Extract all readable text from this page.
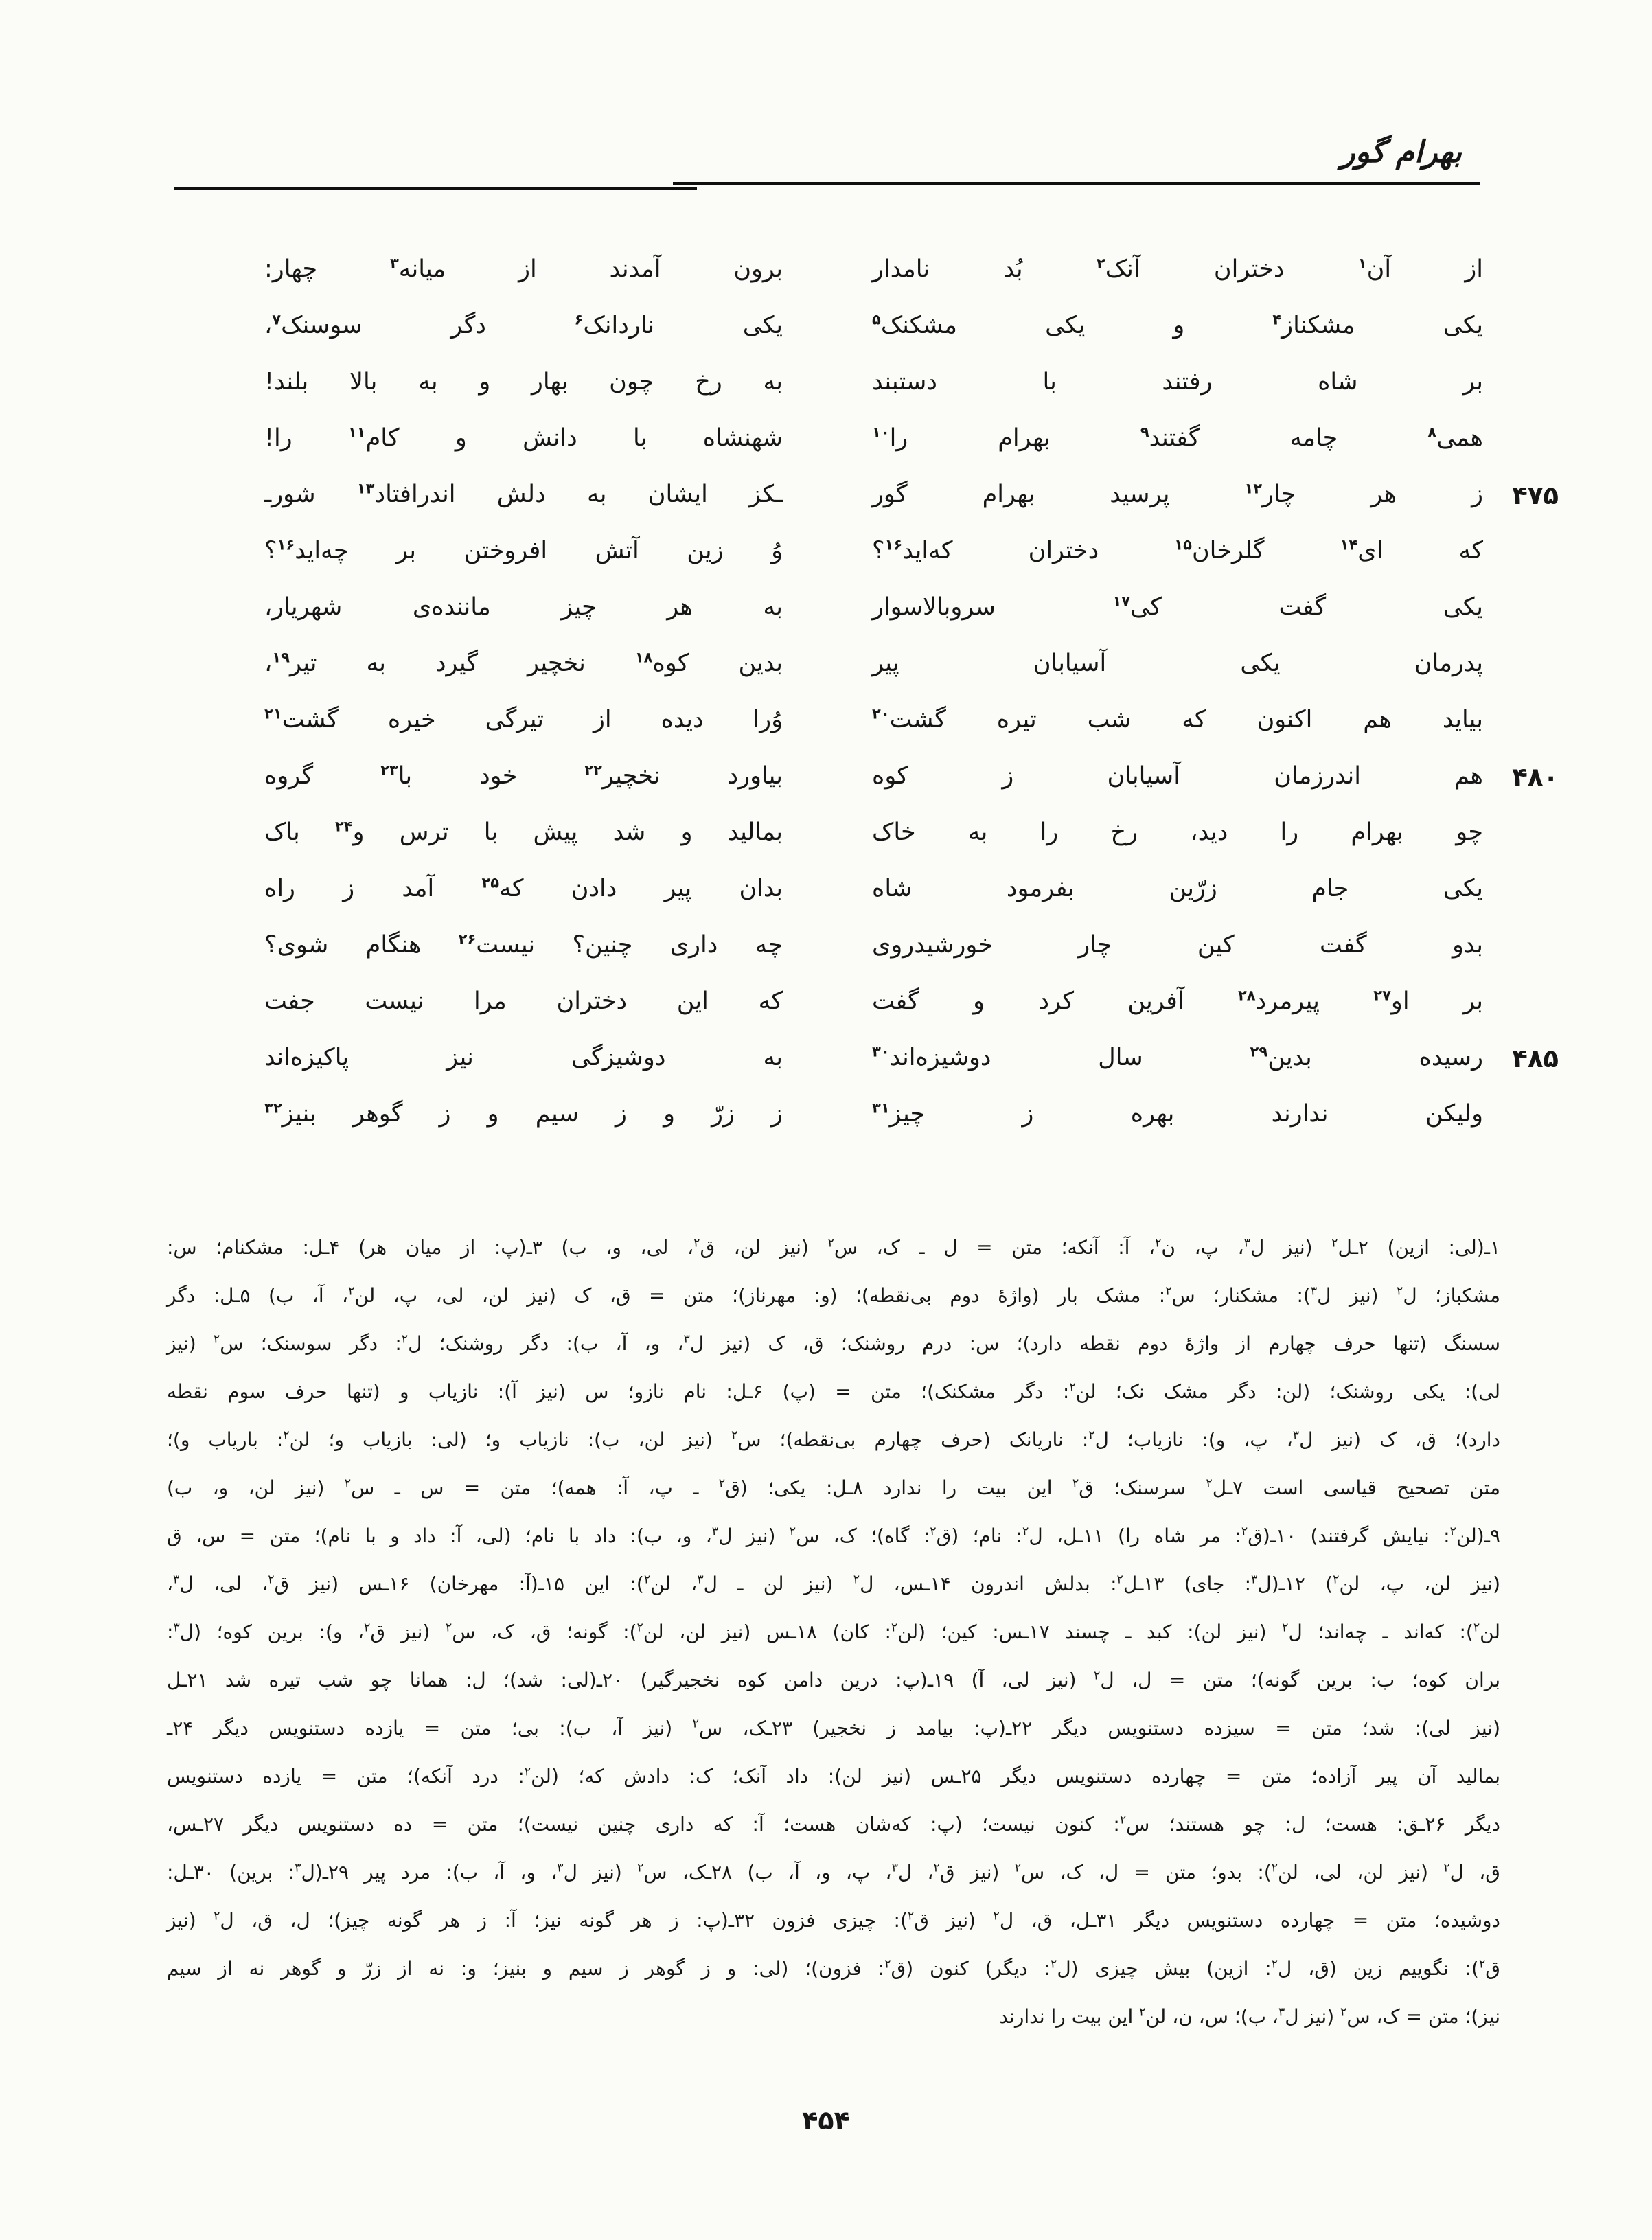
بهرام گور
از آن$^۱$ دختران آنک$^۲$ بُد نامدار
برون آمدند از میانه$^۳$ چهار:
یکی مشکناز$^۴$ و یکی مشکنک$^۵$
یکی ناردانک$^۶$ دگر سوسنک$^۷$،
بر شاه رفتند با دستبند
به رخ چون بهار و به بالا بلند!
همی$^۸$ چامه گفتند$^۹$ بهرام را$^{۱۰}$
شهنشاه با دانش و کام$^{۱۱}$ را!
۴۷۵
ز هر چار$^{۱۲}$ پرسید بهرام گور
ـکز ایشان به دلش اندرافتاد$^{۱۳}$ شورـ
که ای$^{۱۴}$ گلرخان$^{۱۵}$ دختران که‌اید$^{۱۶}$؟
وُ زین آتش افروختن بر چه‌اید$^{۱۶}$؟
یکی گفت کی$^{۱۷}$ سروبالاسوار
به هر چیز ماننده‌ی شهریار،
پدرمان یکی آسیابان پیر
بدین کوه$^{۱۸}$ نخچیر گیرد به تیر$^{۱۹}$،
بیاید هم اکنون که شب تیره گشت$^{۲۰}$
وُرا دیده از تیرگی خیره گشت$^{۲۱}$
۴۸۰
هم اندرزمان آسیابان ز کوه
بیاورد نخچیر$^{۲۲}$ خود با$^{۲۳}$ گروه
چو بهرام را دید، رخ را به خاک
بمالید و شد پیش با ترس و$^{۲۴}$ باک
یکی جام زرّین بفرمود شاه
بدان پیر دادن که$^{۲۵}$ آمد ز راه
بدو گفت کین چار خورشیدروی
چه داری چنین؟ نیست$^{۲۶}$ هنگام شوی؟
بر او$^{۲۷}$ پیرمرد$^{۲۸}$ آفرین کرد و گفت
که این دختران مرا نیست جفت
۴۸۵
رسیده بدین$^{۲۹}$ سال دوشیزه‌اند$^{۳۰}$
به دوشیزگی نیز پاکیزه‌اند
ولیکن ندارند بهره ز چیز$^{۳۱}$
ز زرّ و ز سیم و ز گوهر بنیز$^{۳۲}$
۱ـ(لی: ازین) ۲ـل$^۲$ (نیز ل$^۳$، پ، ن$^۲$، آ: آنکه؛ متن = ل ـ ک، س$^۲$ (نیز لن، ق$^۲$، لی، و، ب) ۳ـ(پ: از میان هر) ۴ـل: مشکنام؛ س:
مشکباز؛ ل$^۲$ (نیز ل$^۳$): مشکنار؛ س$^۲$: مشک بار (واژهٔ دوم بی‌نقطه)؛ (و: مهرناز)؛ متن = ق، ک (نیز لن، لی، پ، لن$^۲$، آ، ب) ۵ـل: دگر
سسنگ (تنها حرف چهارم از واژهٔ دوم نقطه دارد)؛ س: درم روشنک؛ ق، ک (نیز ل$^۳$، و، آ، ب): دگر روشنک؛ ل$^۲$: دگر سوسنک؛ س$^۲$ (نیز
لی): یکی روشنک؛ (لن: دگر مشک نک؛ لن$^۲$: دگر مشکنک)؛ متن = (پ) ۶ـل: نام نازو؛ س (نیز آ): نازیاب و (تنها حرف سوم نقطه
دارد)؛ ق، ک (نیز ل$^۳$، پ، و): نازیاب؛ ل$^۲$: ناریانک (حرف چهارم بی‌نقطه)؛ س$^۲$ (نیز لن، ب): نازیاب و؛ (لی: بازیاب و؛ لن$^۲$: باریاب و)؛
متن تصحیح قیاسی است ۷ـل$^۲$ سرسنک؛ ق$^۲$ این بیت را ندارد ۸ـل: یکی؛ (ق$^۲$ ـ پ، آ: همه)؛ متن = س ـ س$^۲$ (نیز لن، و، ب)
۹ـ(لن$^۲$: نیایش گرفتند) ۱۰ـ(ق$^۲$: مر شاه را) ۱۱ـل، ل$^۲$: نام؛ (ق$^۲$: گاه)؛ ک، س$^۲$ (نیز ل$^۳$، و، ب): داد با نام؛ (لی، آ: داد و با نام)؛ متن = س، ق
(نیز لن، پ، لن$^۲$) ۱۲ـ(ل$^۳$: جای) ۱۳ـل$^۲$: بدلش اندرون ۱۴ـس، ل$^۲$ (نیز لن ـ ل$^۳$، لن$^۲$): این ۱۵ـ(آ: مهرخان) ۱۶ـس (نیز ق$^۲$، لی، ل$^۳$،
لن$^۲$): که‌اند ـ چه‌اند؛ ل$^۲$ (نیز لن): کبد ـ چسند ۱۷ـس: کین؛ (لن$^۲$: کان) ۱۸ـس (نیز لن، لن$^۲$): گونه؛ ق، ک، س$^۲$ (نیز ق$^۲$، و): برین کوه؛ (ل$^۳$:
بران کوه؛ ب: برین گونه)؛ متن = ل، ل$^۲$ (نیز لی، آ) ۱۹ـ(پ: درین دامن کوه نخجیرگیر) ۲۰ـ(لی: شد)؛ ل: همانا چو شب تیره شد ۲۱ـل
(نیز لی): شد؛ متن = سیزده دستنویس دیگر ۲۲ـ(پ: بیامد ز نخجیر) ۲۳ـک، س$^۲$ (نیز آ، ب): بی؛ متن = یازده دستنویس دیگر ۲۴ـ
بمالید آن پیر آزاده؛ متن = چهارده دستنویس دیگر ۲۵ـس (نیز لن): داد آنک؛ ک: دادش که؛ (لن$^۲$: درد آنکه)؛ متن = یازده دستنویس
دیگر ۲۶ـق: هست؛ ل: چو هستند؛ س$^۲$: کنون نیست؛ (پ: که‌شان هست؛ آ: که داری چنین نیست)؛ متن = ده دستنویس دیگر ۲۷ـس،
ق، ل$^۲$ (نیز لن، لی، لن$^۲$): بدو؛ متن = ل، ک، س$^۲$ (نیز ق$^۲$، ل$^۳$، پ، و، آ، ب) ۲۸ـک، س$^۲$ (نیز ل$^۳$، و، آ، ب): مرد پیر ۲۹ـ(ل$^۳$: برین) ۳۰ـل:
دوشیده؛ متن = چهارده دستنویس دیگر ۳۱ـل، ق، ل$^۲$ (نیز ق$^۲$): چیزی فزون ۳۲ـ(پ: ز هر گونه نیز؛ آ: ز هر گونه چیز)؛ ل، ق، ل$^۲$ (نیز
ق$^۲$): نگوییم زین (ق، ل$^۲$: ازین) بیش چیزی (ل$^۲$: دیگر) کنون (ق$^۲$: فزون)؛ (لی: و ز گوهر ز سیم و بنیز؛ و: نه از زرّ و گوهر نه از سیم
نیز)؛ متن = ک، س$^۲$ (نیز ل$^۳$، ب)؛ س، ن، لن$^۲$ این بیت را ندارند
۴۵۴
